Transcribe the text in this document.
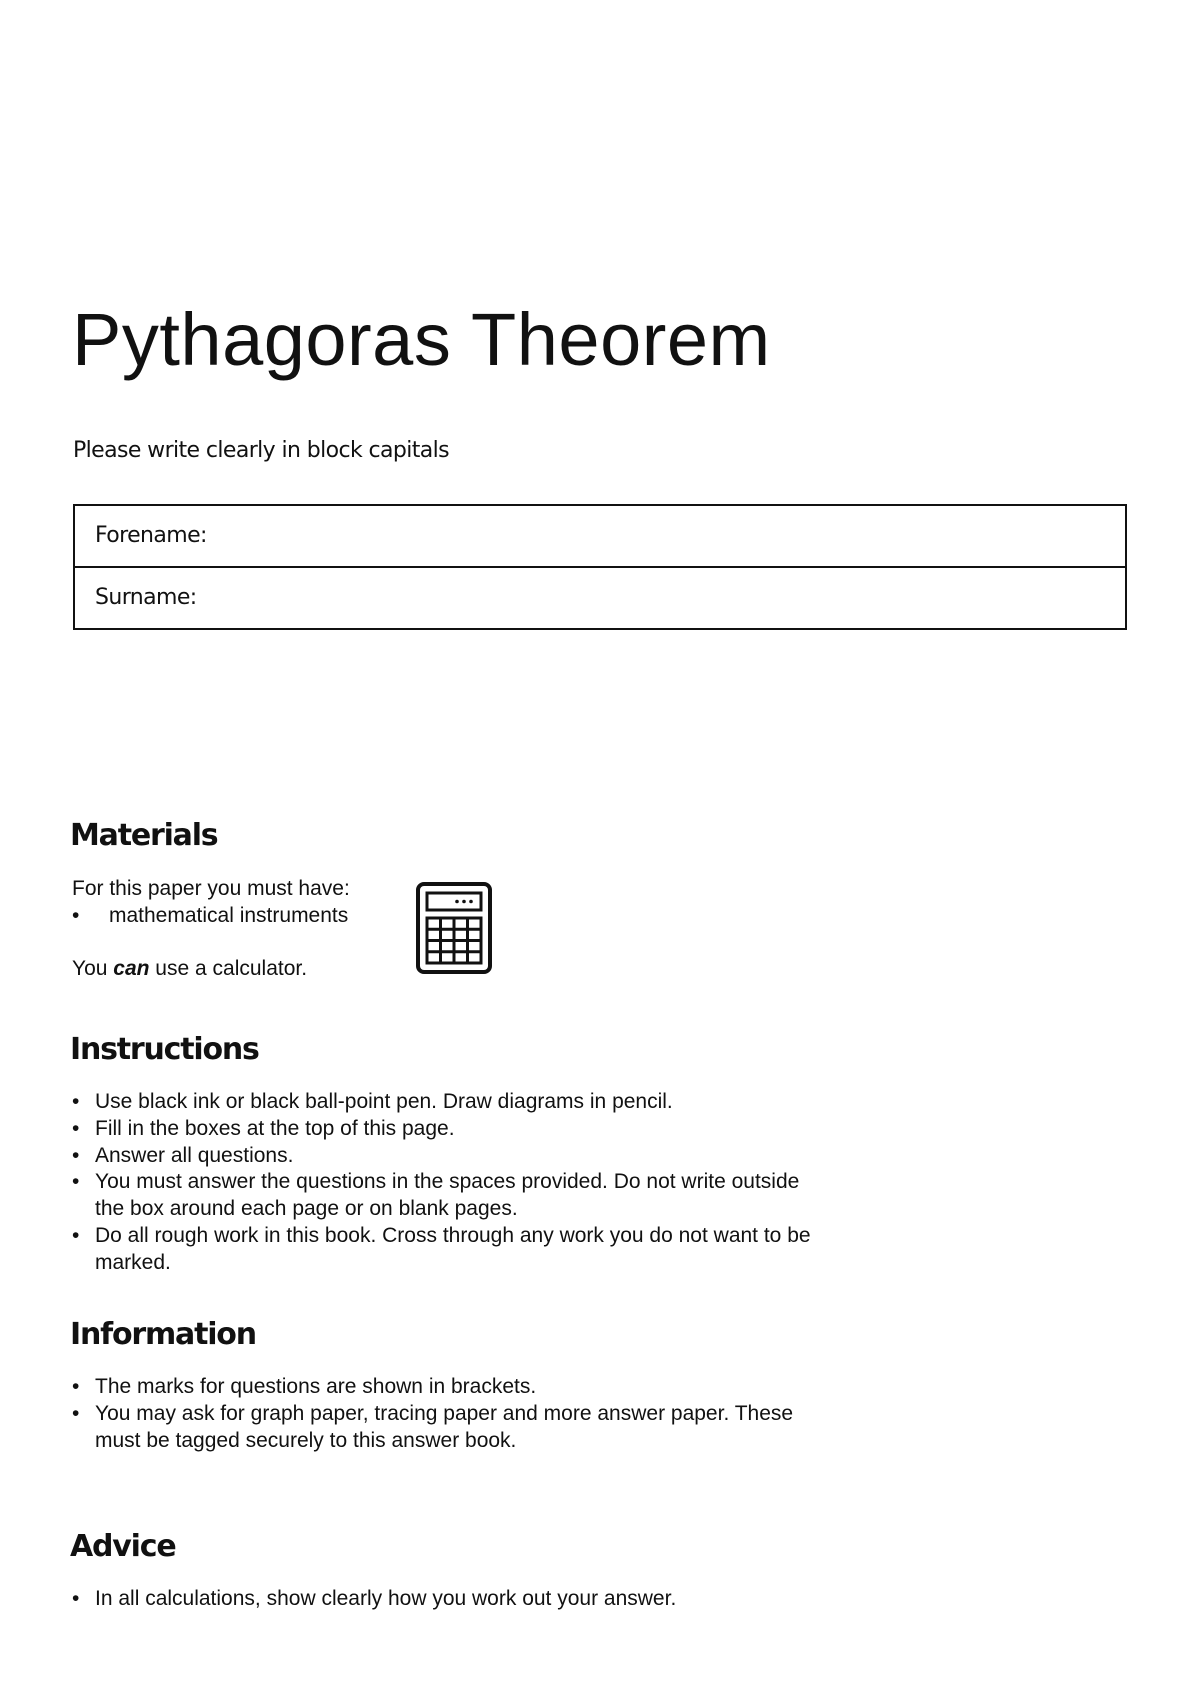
Pythagoras Theorem
Please write clearly in block capitals
Forename:
Surname:
Materials
For this paper you must have:
• mathematical instruments
You can use a calculator.
Instructions
• Use black ink or black ball-point pen. Draw diagrams in pencil.
• Fill in the boxes at the top of this page.
• Answer all questions.
• You must answer the questions in the spaces provided. Do not write outside the box around each page or on blank pages.
• Do all rough work in this book. Cross through any work you do not want to be marked.
Information
• The marks for questions are shown in brackets.
• You may ask for graph paper, tracing paper and more answer paper. These must be tagged securely to this answer book.
Advice
• In all calculations, show clearly how you work out your answer.
